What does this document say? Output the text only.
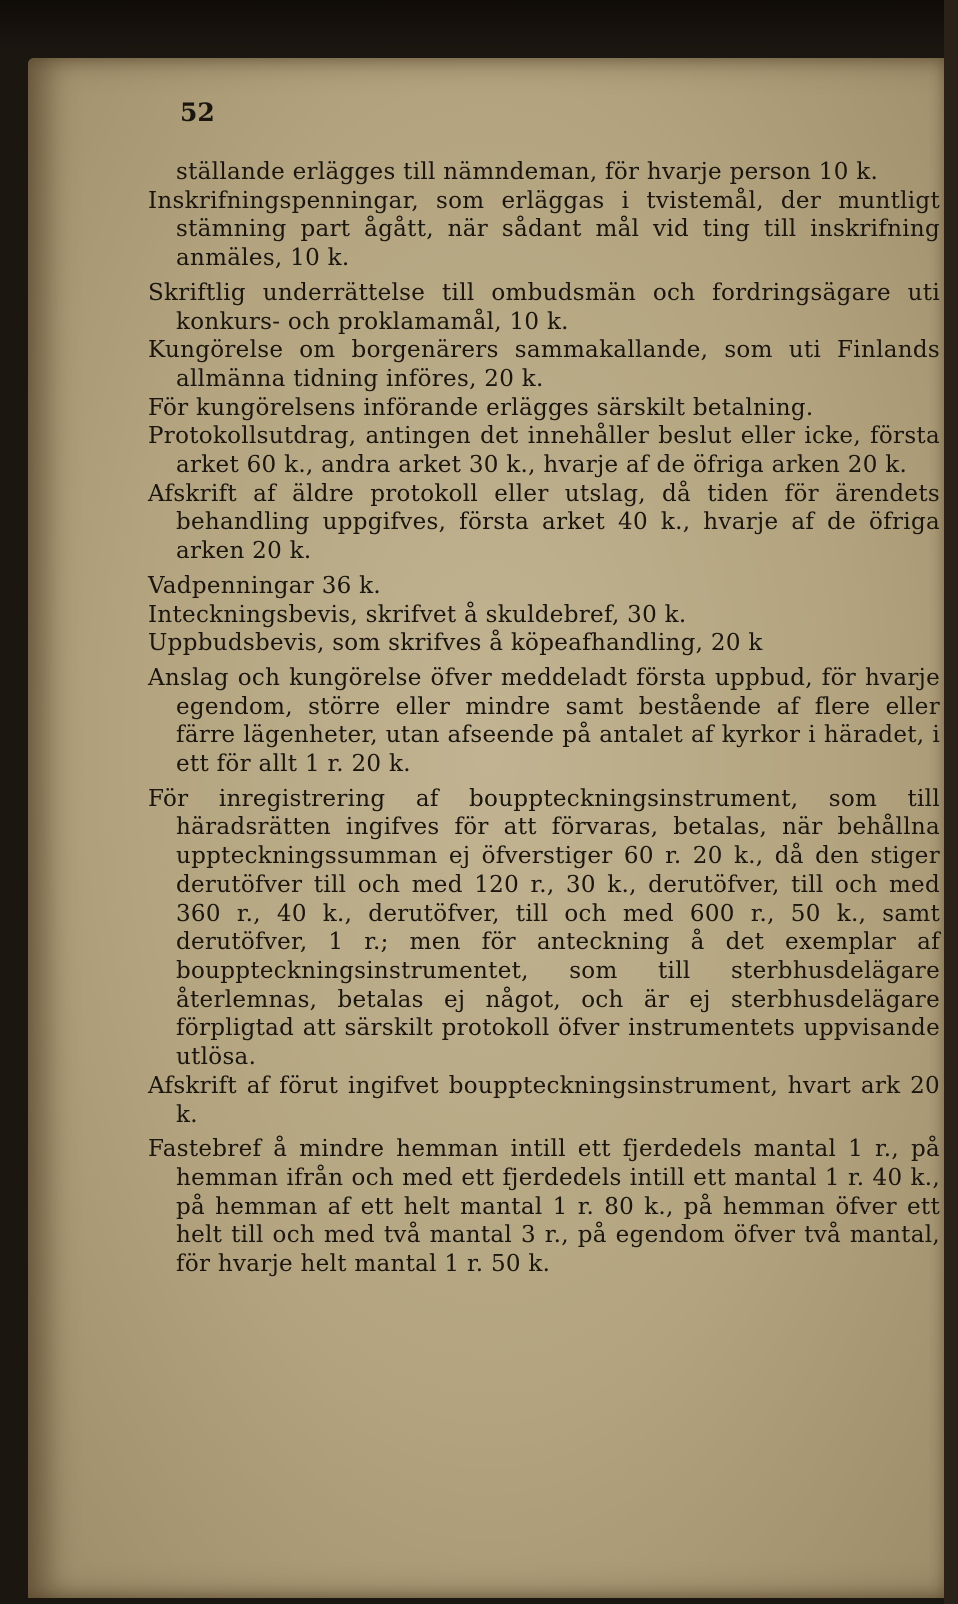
52
ställande erlägges till nämndeman, för hvarje person 10 k.
Inskrifningspenningar, som erläggas i tvistemål, der muntligt stämning part ågått, när sådant mål vid ting till inskrifning anmäles, 10 k.
Skriftlig underrättelse till ombudsmän och fordringsägare uti konkurs- och proklamamål, 10 k.
Kungörelse om borgenärers sammakallande, som uti Finlands allmänna tidning införes, 20 k.
För kungörelsens införande erlägges särskilt betalning.
Protokollsutdrag, antingen det innehåller beslut eller icke, första arket 60 k., andra arket 30 k., hvarje af de öfriga arken 20 k.
Afskrift af äldre protokoll eller utslag, då tiden för ärendets behandling uppgifves, första arket 40 k., hvarje af de öfriga arken 20 k.
Vadpenningar 36 k.
Inteckningsbevis, skrifvet å skuldebref, 30 k.
Uppbudsbevis, som skrifves å köpeafhandling, 20 k
Anslag och kungörelse öfver meddeladt första uppbud, för hvarje egendom, större eller mindre samt bestående af flere eller färre lägenheter, utan afseende på antalet af kyrkor i häradet, i ett för allt 1 r. 20 k.
För inregistrering af bouppteckningsinstrument, som till häradsrätten ingifves för att förvaras, betalas, när behållna uppteckningssumman ej öfverstiger 60 r. 20 k., då den stiger derutöfver till och med 120 r., 30 k., derutöfver, till och med 360 r., 40 k., derutöfver, till och med 600 r., 50 k., samt derutöfver, 1 r.; men för anteckning å det exemplar af bouppteckningsinstrumentet, som till sterbhusdelägare återlemnas, betalas ej något, och är ej sterbhusdelägare förpligtad att särskilt protokoll öfver instrumentets uppvisande utlösa.
Afskrift af förut ingifvet bouppteckningsinstrument, hvart ark 20 k.
Fastebref å mindre hemman intill ett fjerdedels mantal 1 r., på hemman ifrån och med ett fjerdedels intill ett mantal 1 r. 40 k., på hemman af ett helt mantal 1 r. 80 k., på hemman öfver ett helt till och med två mantal 3 r., på egendom öfver två mantal, för hvarje helt mantal 1 r. 50 k.
